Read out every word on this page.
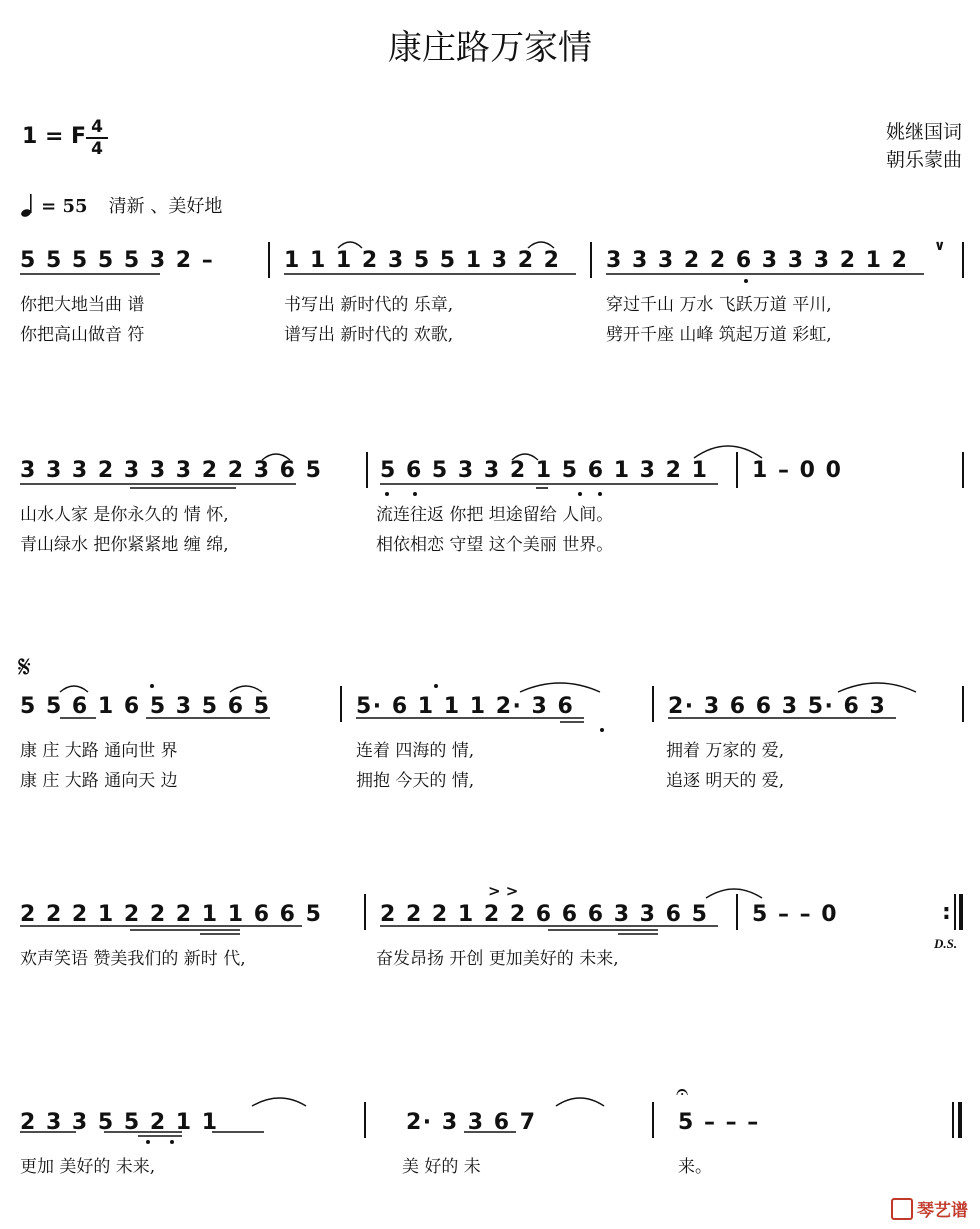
康庄路万家情
姚继国词
朝乐蒙曲
1 = F 4
4
= 55 清新 、美好地
5 5 5 5 5 3 2 –	1 1 1 2 3 5 5 1 3 2 2 3 3 3 2 2 6 3 3 3 2 1 2
∨
你把大地当曲 谱	书写出 新时代的 乐章,	穿过千山 万水 飞跃万道 平川,
你把高山做音 符	谱写出 新时代的 欢歌,	劈开千座 山峰 筑起万道 彩虹,
3 3 3 2 3 3 3 2 2 3 6 5	5 6 5 3 3 2 1 5 6 1 3 2 1 1 – 0 0
山水人家 是你永久的 情 怀,	流连往返 你把 坦途留给 人间。
青山绿水 把你紧紧地 缠 绵,	相依相恋 守望 这个美丽 世界。
𝄋
5 5 6 1 6 5 3 5 6 5	5· 6 1 1 1 2· 3 6	2· 3 6 6 3 5· 6 3
康 庄 大路 通向世 界	连着 四海的 情,	拥着 万家的 爱,
康 庄 大路 通向天 边	拥抱 今天的 情,	追逐 明天的 爱,
> >
2 2 2 1 2 2 2 1 1 6 6 5	2 2 2 1 2 2 6 6 6 3 3 6 5 5 – – 0	:
D.S.
欢声笑语 赞美我们的 新时 代,	奋发昂扬 开创 更加美好的 未来,
𝄐
2 3 3 5 5 2 1 1	2· 3 3 6 7	5 – – –
更加 美好的 未来,	美 好的 未	来。
琴艺谱
